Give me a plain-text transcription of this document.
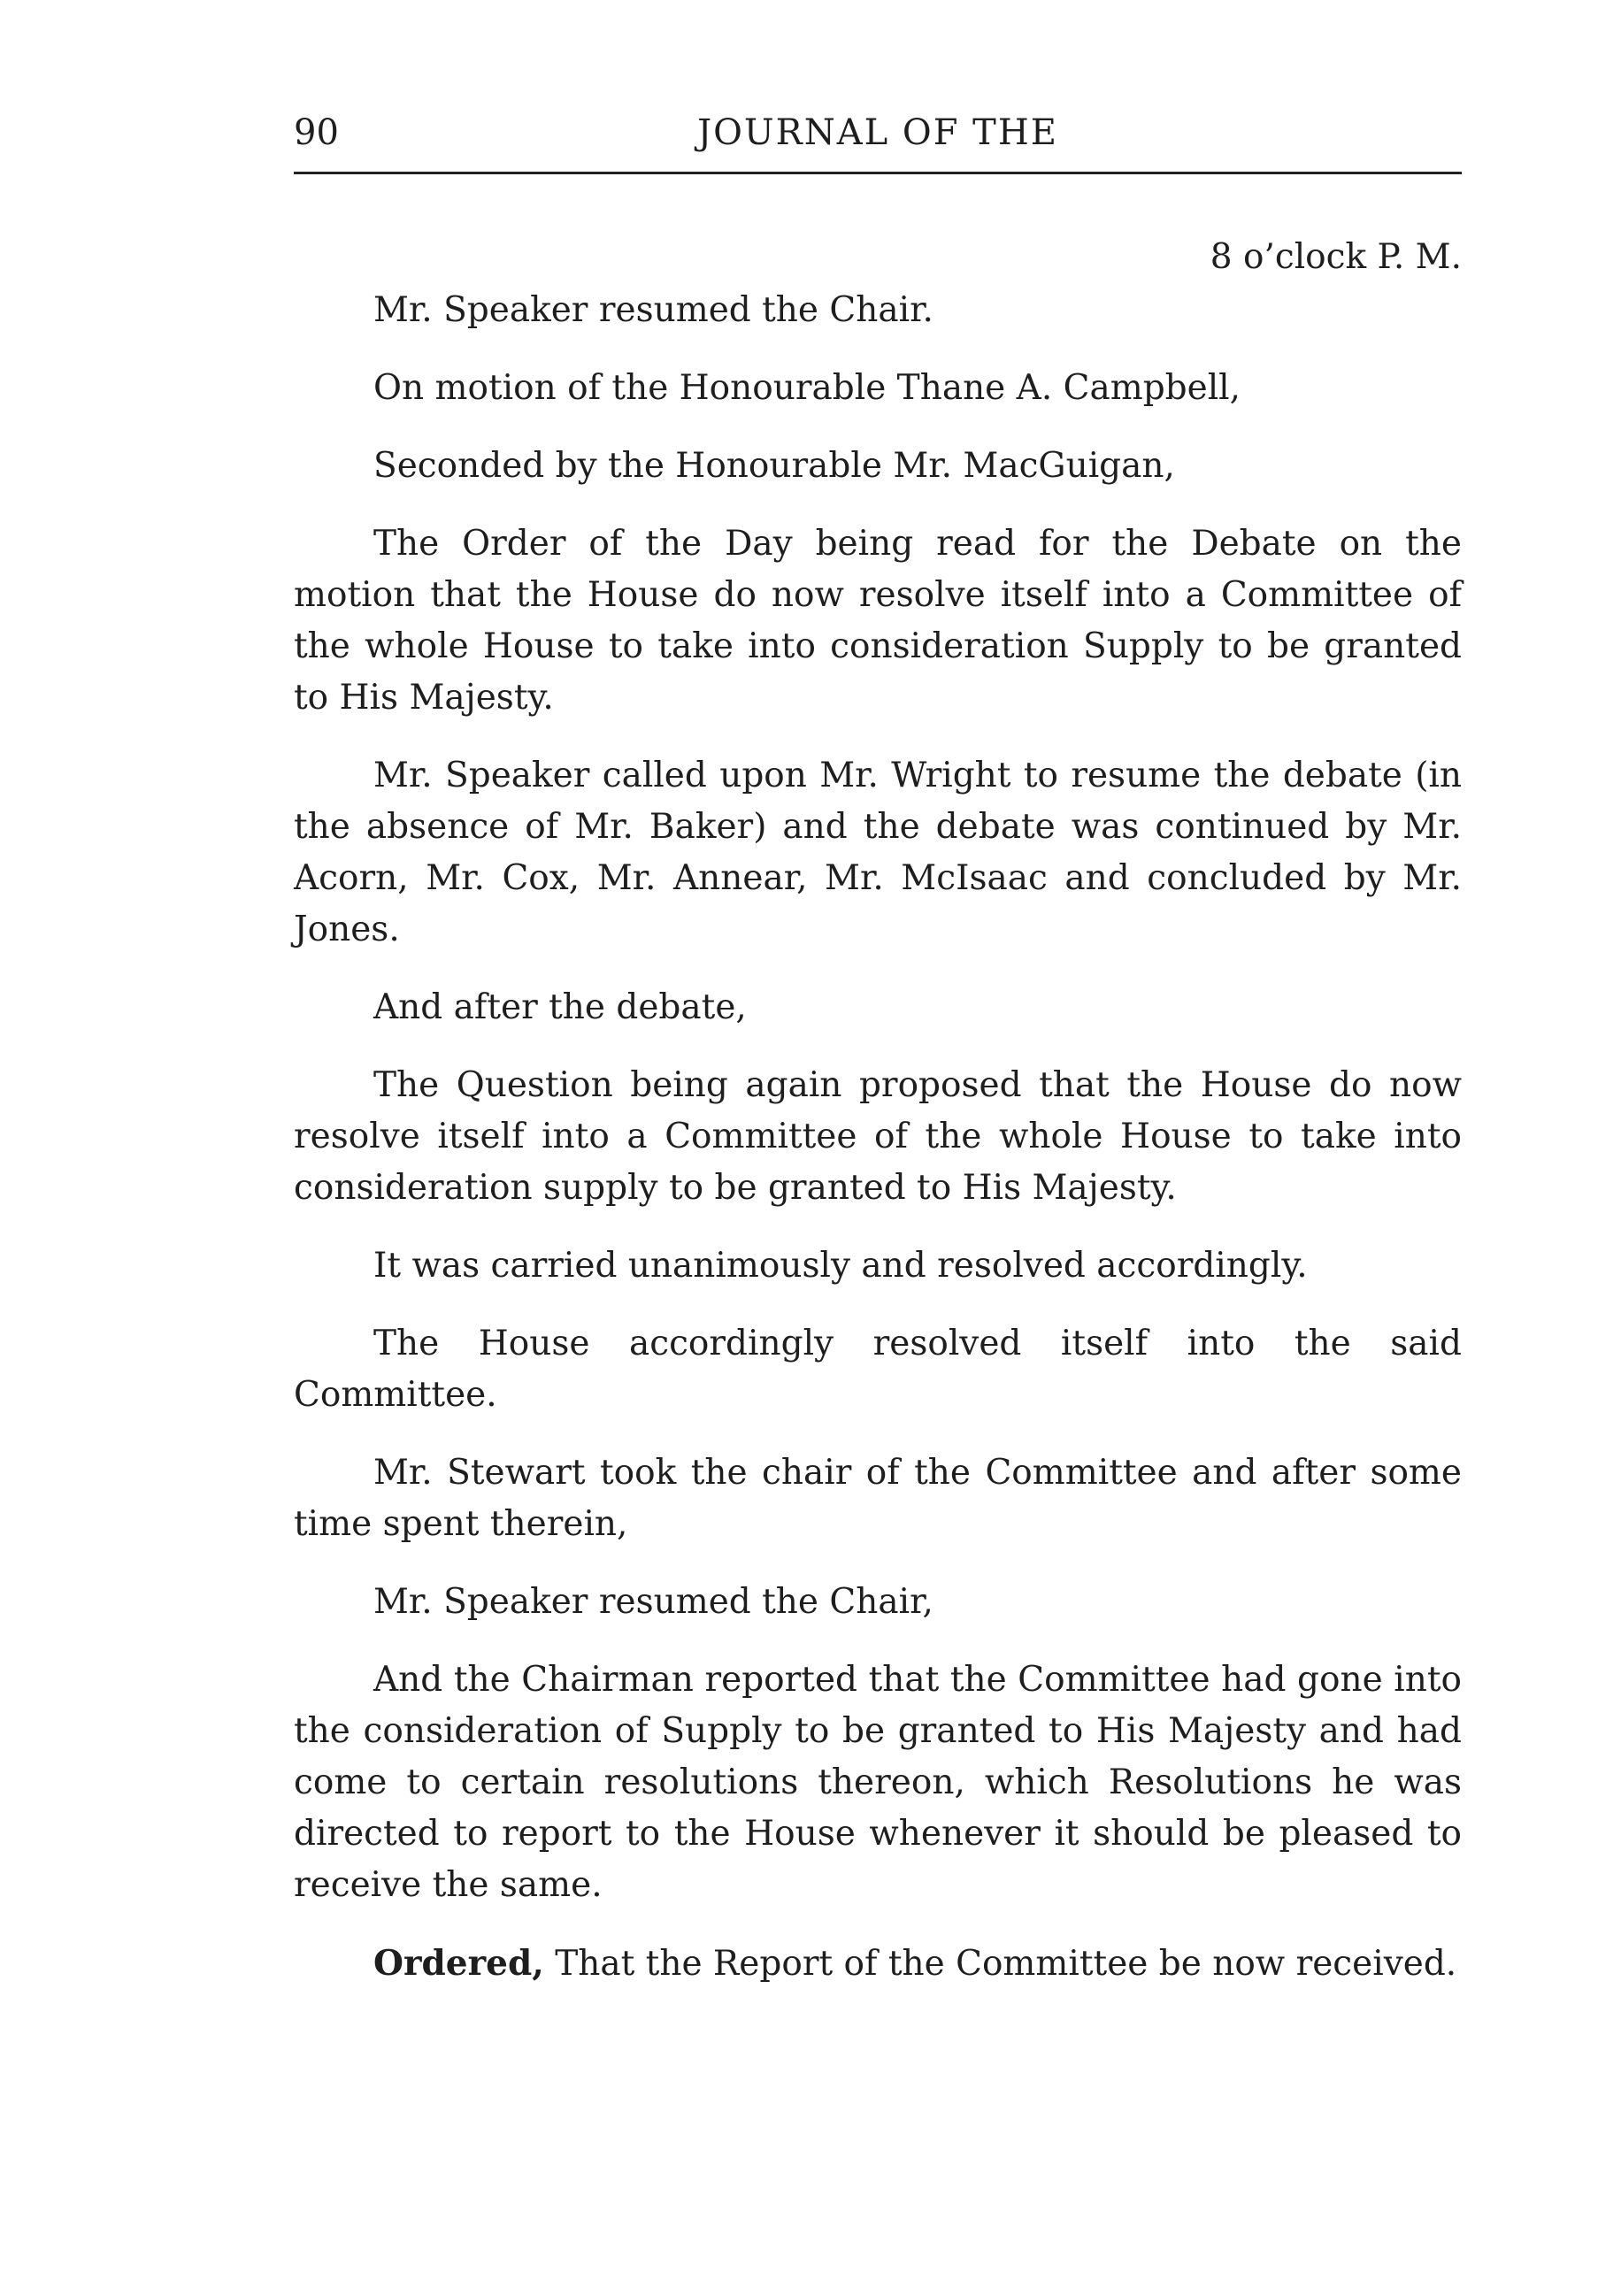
90	JOURNAL OF THE
8 o’clock P. M.

Mr. Speaker resumed the Chair.

On motion of the Honourable Thane A. Campbell,

Seconded by the Honourable Mr. MacGuigan,

The Order of the Day being read for the Debate on the motion that the House do now resolve itself into a Committee of the whole House to take into consideration Supply to be granted to His Majesty.

Mr. Speaker called upon Mr. Wright to resume the debate (in the absence of Mr. Baker) and the debate was continued by Mr. Acorn, Mr. Cox, Mr. Annear, Mr. McIsaac and concluded by Mr. Jones.

And after the debate,

The Question being again proposed that the House do now resolve itself into a Committee of the whole House to take into consideration supply to be granted to His Majesty.

It was carried unanimously and resolved accordingly.

The House accordingly resolved itself into the said Committee.

Mr. Stewart took the chair of the Committee and after some time spent therein,

Mr. Speaker resumed the Chair,

And the Chairman reported that the Committee had gone into the consideration of Supply to be granted to His Majesty and had come to certain resolutions thereon, which Resolutions he was directed to report to the House whenever it should be pleased to receive the same.

Ordered, That the Report of the Committee be now received.
